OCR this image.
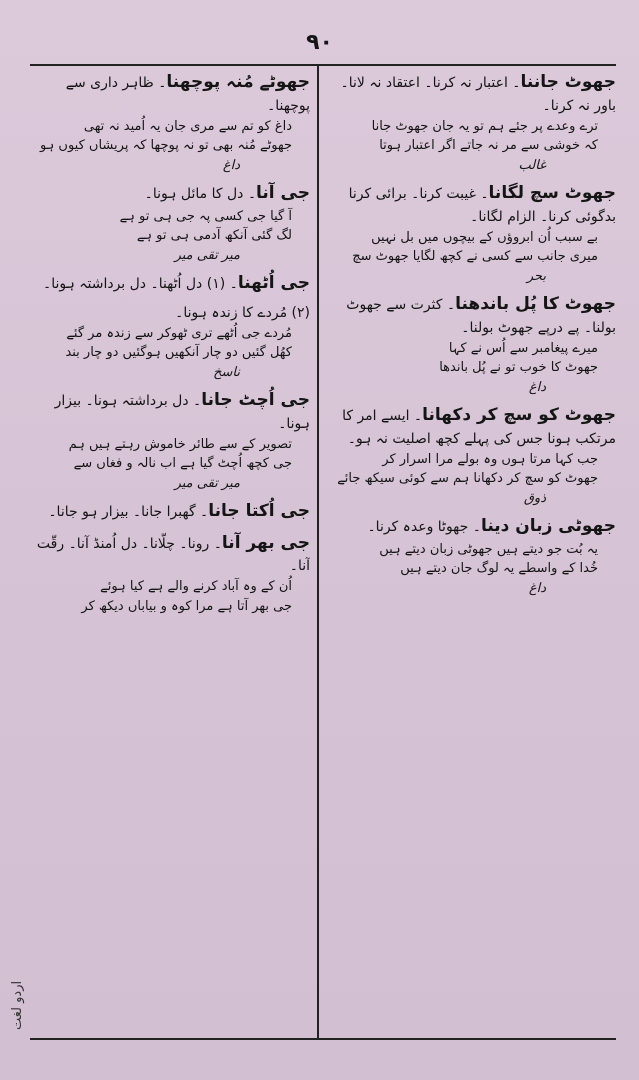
۹۰
جھوٹ جاننا۔ اعتبار نہ کرنا۔ اعتقاد نہ لانا۔ باور نہ کرنا۔
ترے وعدے پر جئے ہم تو یہ جان جھوٹ جانا
کہ خوشی سے مر نہ جاتے اگر اعتبار ہوتا
غالب
جھوٹ سچ لگانا۔ غیبت کرنا۔ برائی کرنا بدگوئی کرنا۔ الزام لگانا۔
بے سبب اُن ابروؤں کے بیچوں میں بل نہیں
میری جانب سے کسی نے کچھ لگایا جھوٹ سچ
بحر
جھوٹ کا پُل باندھنا۔ کثرت سے جھوٹ بولنا۔ پے درپے جھوٹ بولنا۔
میرے پیغامبر سے اُس نے کہا
جھوٹ کا خوب تو نے پُل باندھا
داغ
جھوٹ کو سچ کر دکھانا۔ ایسے امر کا مرتکب ہونا جس کی پہلے کچھ اصلیت نہ ہو۔
جب کہا مرتا ہوں وہ بولے مرا اسرار کر
جھوٹ کو سچ کر دکھانا ہم سے کوئی سیکھ جائے
ذوق
جھوٹی زبان دینا۔ جھوٹا وعدہ کرنا۔
یہ بُت جو دیتے ہیں جھوٹی زبان دیتے ہیں
خُدا کے واسطے یہ لوگ جان دیتے ہیں
داغ
جھوٹے مُنہ پوچھنا۔ ظاہر داری سے پوچھنا۔
داغ کو تم سے مری جان یہ اُمید نہ تھی
جھوٹے مُنہ بھی تو نہ پوچھا کہ پریشاں کیوں ہو
داغ
جی آنا۔ دل کا مائل ہونا۔
آ گیا جی کسی پہ جی ہی تو ہے
لگ گئی آنکھ آدمی ہی تو ہے
میر تقی میر
جی اُٹھنا۔ (۱) دل اُٹھنا۔ دل برداشتہ ہونا۔
(۲) مُردے کا زندہ ہونا۔
مُردے جی اُٹھے تری ٹھوکر سے زندہ مر گئے
کھُل گئیں دو چار آنکھیں ہوگئیں دو چار بند
ناسخ
جی اُچٹ جانا۔ دل برداشتہ ہونا۔ بیزار ہونا۔
تصویر کے سے طائر خاموش رہتے ہیں ہم
جی کچھ اُچٹ گیا ہے اب نالہ و فغاں سے
میر تقی میر
جی اُکتا جانا۔ گھبرا جانا۔ بیزار ہو جانا۔
جی بھر آنا۔ رونا۔ چلّانا۔ دل اُمنڈ آنا۔ رقّت آنا۔
اُن کے وہ آباد کرنے والے ہے کیا ہوئے
جی بھر آتا ہے مرا کوہ و بیاباں دیکھ کر
اردو لغت
